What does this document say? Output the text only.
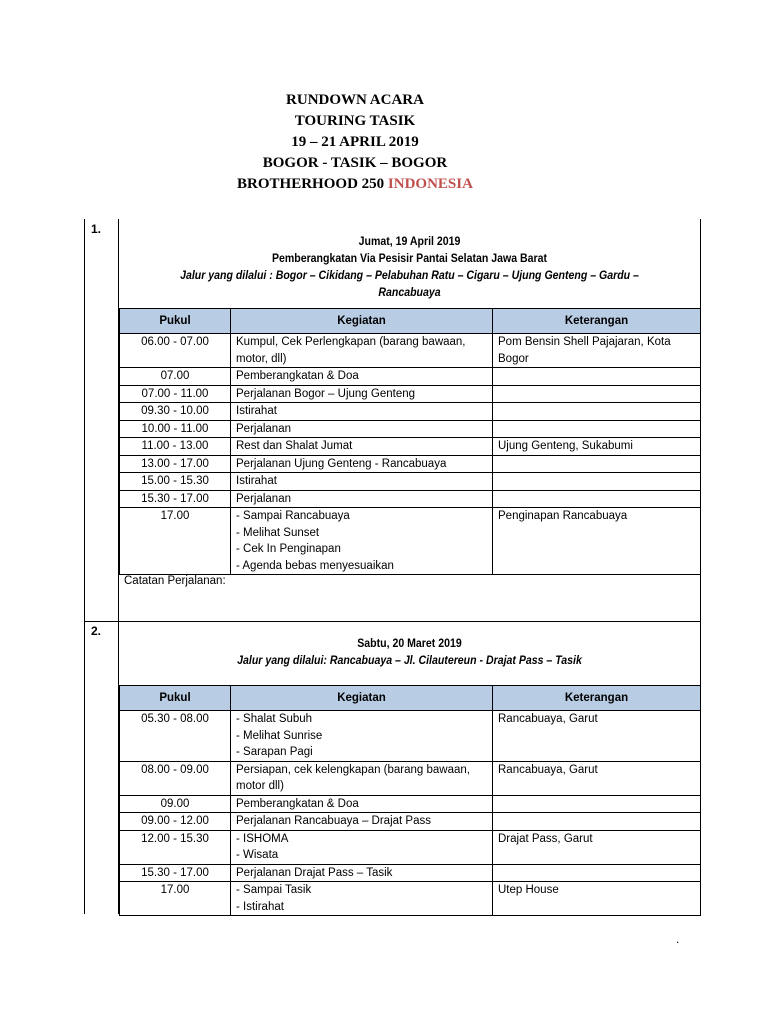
RUNDOWN ACARA
TOURING TASIK
19 – 21 APRIL 2019
BOGOR - TASIK – BOGOR
BROTHERHOOD 250 INDONESIA
1.
Jumat, 19 April 2019
Pemberangkatan Via Pesisir Pantai Selatan Jawa Barat
Jalur yang dilalui : Bogor – Cikidang – Pelabuhan Ratu – Cigaru – Ujung Genteng – Gardu – Rancabuaya
Pukul	Kegiatan	Keterangan
06.00 - 07.00	Kumpul, Cek Perlengkapan (barang bawaan,
motor, dll)	Pom Bensin Shell Pajajaran, Kota
Bogor

07.00	Pemberangkatan & Doa	

07.00 - 11.00	Perjalanan Bogor – Ujung Genteng	

09.30 - 10.00	Istirahat	

10.00 - 11.00	Perjalanan	

11.00 - 13.00	Rest dan Shalat Jumat	Ujung Genteng, Sukabumi

13.00 - 17.00	Perjalanan Ujung Genteng - Rancabuaya	

15.00 - 15.30	Istirahat	

15.30 - 17.00	Perjalanan	

17.00	- Sampai Rancabuaya
- Melihat Sunset
- Cek In Penginapan
- Agenda bebas menyesuaikan	Penginapan Rancabuaya
Catatan Perjalanan:
2.
Sabtu, 20 Maret 2019
Jalur yang dilalui: Rancabuaya – Jl. Cilautereun - Drajat Pass – Tasik
Pukul	Kegiatan	Keterangan
05.30 - 08.00	- Shalat Subuh
- Melihat Sunrise
- Sarapan Pagi	Rancabuaya, Garut

08.00 - 09.00	Persiapan, cek kelengkapan (barang bawaan,
motor dll)	Rancabuaya, Garut

09.00	Pemberangkatan & Doa	

09.00 - 12.00	Perjalanan Rancabuaya – Drajat Pass	

12.00 - 15.30	- ISHOMA
- Wisata	Drajat Pass, Garut

15.30 - 17.00	Perjalanan Drajat Pass – Tasik	

17.00	- Sampai Tasik
- Istirahat	Utep House
.
